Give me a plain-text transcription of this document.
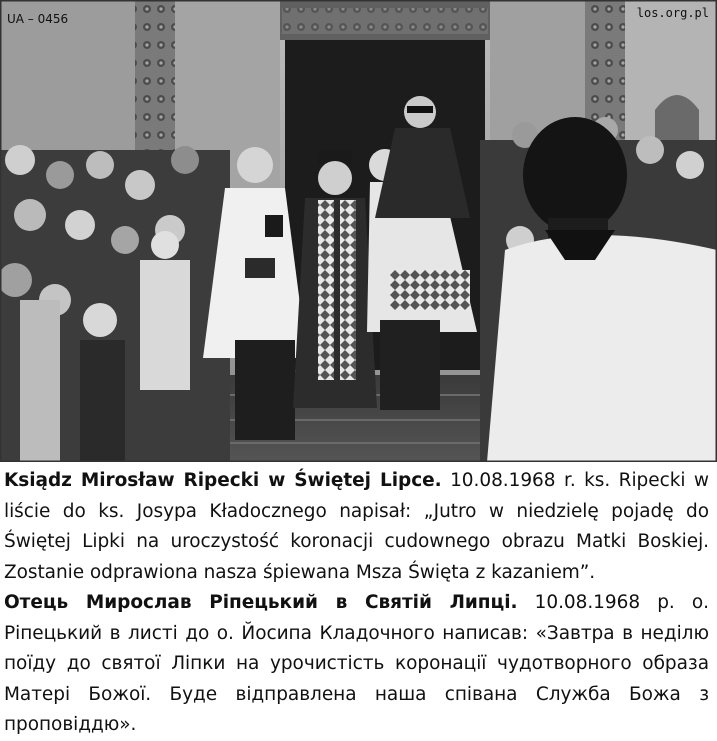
UA – 0456	los.org.pl

Ksiądz Mirosław Ripecki w Świętej Lipce. 10.08.1968 r. ks. Ripecki w liście do ks. Josypa Kładocznego napisał: „Jutro w niedzielę pojadę do Świętej Lipki na uroczystość koronacji cudownego obrazu Matki Boskiej. Zostanie odprawiona nasza śpiewana Msza Święta z kazaniem”.

Отець Мирослав Ріпецький в Святій Липці. 10.08.1968 р. о. Ріпецький в листі до о. Йосипа Кладочного написав: «Завтра в неділю поїду до святої Ліпки на урочистість коронації чудотворного образа Матері Божої. Буде відправлена наша співана Служба Божа з проповіддю».
